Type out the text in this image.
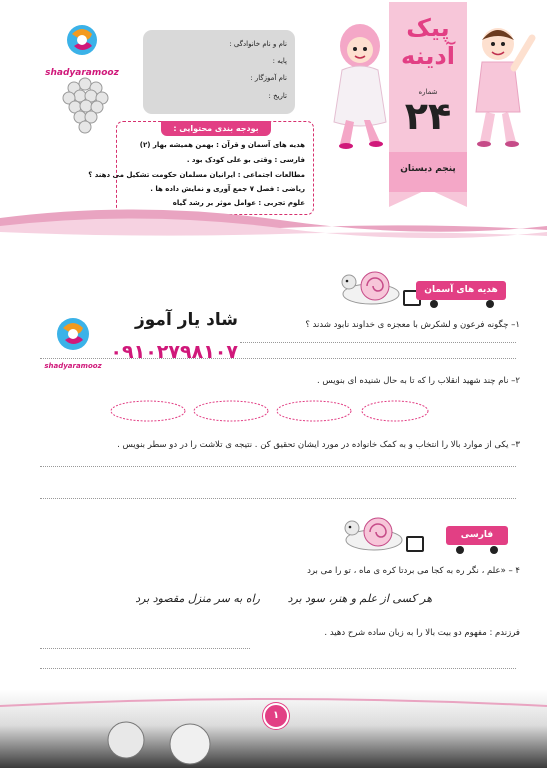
shadyaramooz
نام و نام خانوادگی :
پایه :
نام آموزگار :
تاریخ :
بودجه بندی محتوایی :
هدیه های آسمان و قرآن : بهمن همیشه بهار (۲)
فارسی : وقتی بو علی کودک بود .
مطالعات اجتماعی : ایرانیان مسلمان حکومت تشکیل می دهند ؟
ریاضی : فصل ۷ جمع آوری و نمایش داده ها .
علوم تجربی : عوامل موثر بر رشد گیاه
پیک
آدینه
شماره
۲۴
پنجم دبستان
هدیه های آسمان
۱– چگونه فرعون و لشکرش با معجزه ی خداوند نابود شدند ؟
شاد یار آموز
۰۹۱۰۲۷۹۸۱۰۷
shadyaramooz
۲– نام چند شهید انقلاب را که تا به حال شنیده ای بنویس .
۳– یکی از موارد بالا را انتخاب و به کمک خانواده در مورد ایشان تحقیق کن . نتیجه ی تلاشت را در دو سطر بنویس .
فارسی
۴ – «علم ، نگر ره به کجا می بردتا کره ی ماه ، تو را می برد
هر کسی از علم و هنر، سود برد
راه به سر منزل مقصود برد
فرزندم : مفهوم دو بیت بالا را به زبان ساده شرح دهید .
۱
